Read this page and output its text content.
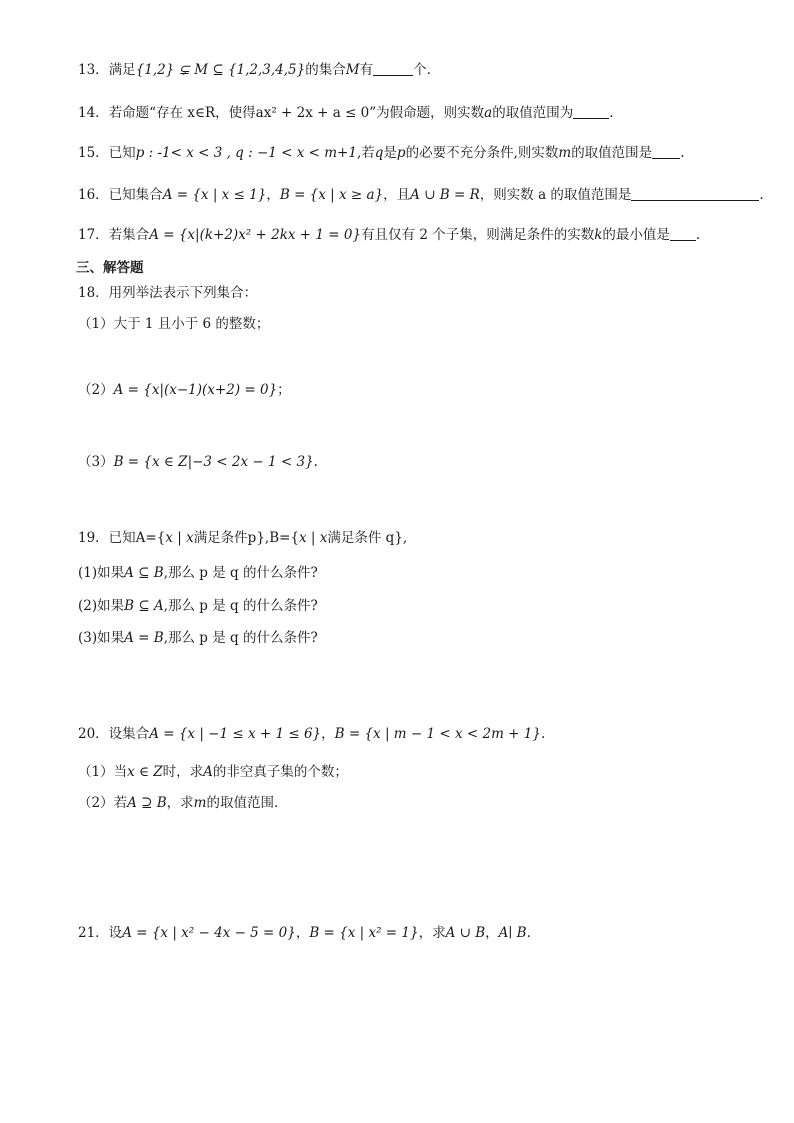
13．满足{1,2} ⊊ M ⊆ {1,2,3,4,5}的集合M有	个.
14．若命题“存在 x∈R，使得ax² + 2x + a ≤ 0”为假命题，则实数a的取值范围为	.
15．已知p : -1< x < 3 , q : −1 < x < m+1,若q是p的必要不充分条件,则实数m的取值范围是 .
16．已知集合A = {x | x ≤ 1}，B = {x | x ≥ a}，且A ∪ B = R，则实数 a 的取值范围是	.
17．若集合A = {x|(k+2)x² + 2kx + 1 = 0}有且仅有 2 个子集，则满足条件的实数k的最小值是 .
三、解答题
18．用列举法表示下列集合：
（1）大于 1 且小于 6 的整数；
（2）A = {x|(x−1)(x+2) = 0}；
（3）B = {x ∈ Z|−3 < 2x − 1 < 3}.
19．已知A={x | x满足条件p},B={x | x满足条件 q},
(1)如果A ⊆ B,那么 p 是 q 的什么条件?
(2)如果B ⊆ A,那么 p 是 q 的什么条件?
(3)如果A = B,那么 p 是 q 的什么条件?
20．设集合A = {x | −1 ≤ x + 1 ≤ 6}，B = {x | m − 1 < x < 2m + 1}.
（1）当x ∈ Z时，求A的非空真子集的个数；
（2）若A ⊇ B，求m的取值范围.
21．设A = {x | x² − 4x − 5 = 0}，B = {x | x² = 1}，求A ∪ B，A∣ B.
